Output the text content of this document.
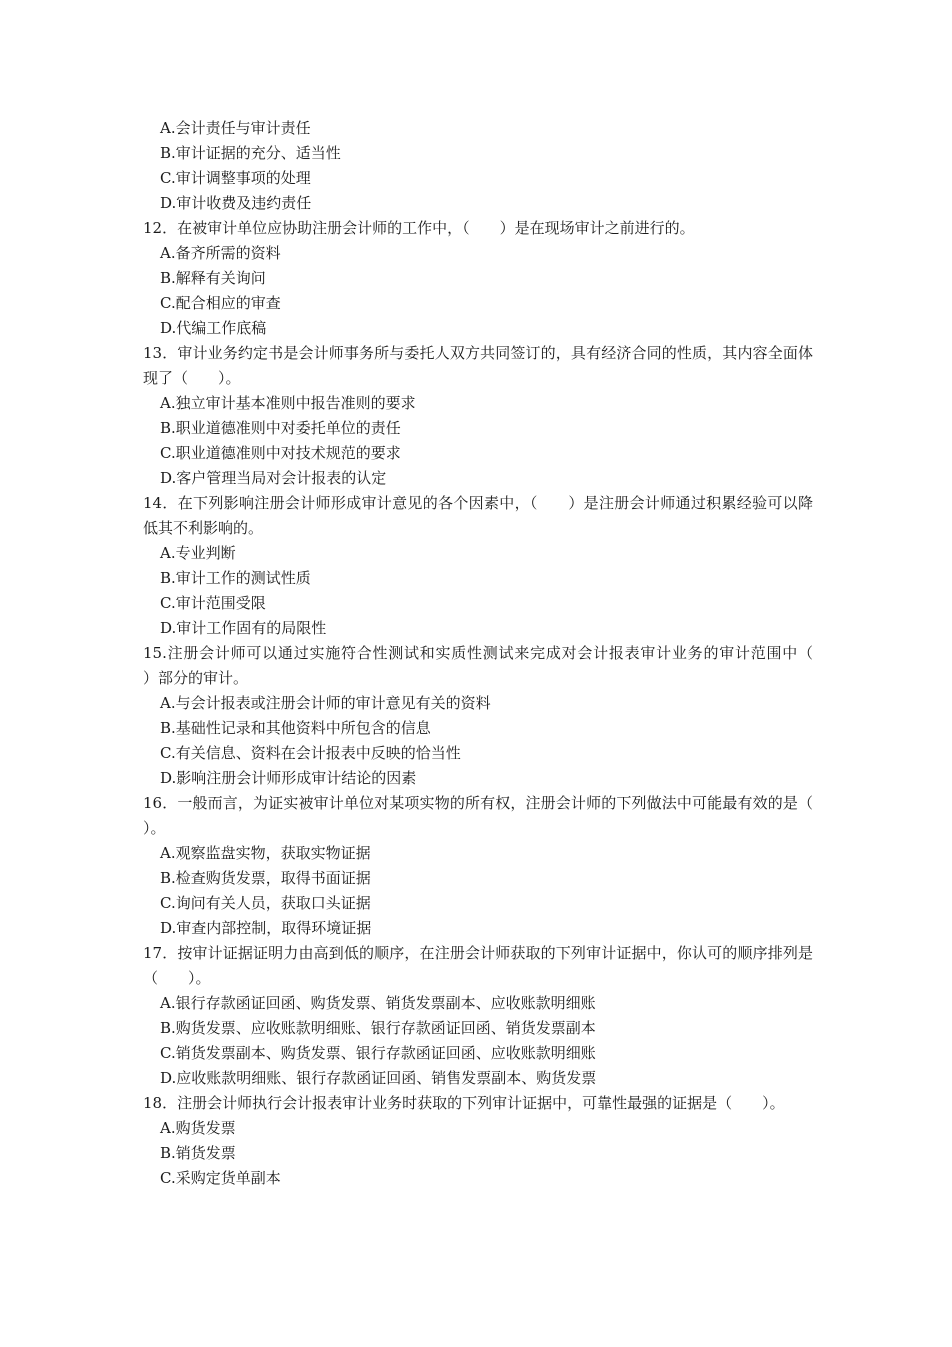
A.会计责任与审计责任
B.审计证据的充分、适当性
C.审计调整事项的处理
D.审计收费及违约责任
12．在被审计单位应协助注册会计师的工作中，（　　）是在现场审计之前进行的。
A.备齐所需的资料
B.解释有关询问
C.配合相应的审查
D.代编工作底稿
13．审计业务约定书是会计师事务所与委托人双方共同签订的，具有经济合同的性质，其内容全面体现了（　　）。
A.独立审计基本准则中报告准则的要求
B.职业道德准则中对委托单位的责任
C.职业道德准则中对技术规范的要求
D.客户管理当局对会计报表的认定
14．在下列影响注册会计师形成审计意见的各个因素中，（　　）是注册会计师通过积累经验可以降低其不利影响的。
A.专业判断
B.审计工作的测试性质
C.审计范围受限
D.审计工作固有的局限性
15.注册会计师可以通过实施符合性测试和实质性测试来完成对会计报表审计业务的审计范围中（　　）部分的审计。
A.与会计报表或注册会计师的审计意见有关的资料
B.基础性记录和其他资料中所包含的信息
C.有关信息、资料在会计报表中反映的恰当性
D.影响注册会计师形成审计结论的因素
16．一般而言，为证实被审计单位对某项实物的所有权，注册会计师的下列做法中可能最有效的是（　　）。
A.观察监盘实物，获取实物证据
B.检查购货发票，取得书面证据
C.询问有关人员，获取口头证据
D.审查内部控制，取得环境证据
17．按审计证据证明力由高到低的顺序，在注册会计师获取的下列审计证据中，你认可的顺序排列是（　　）。
A.银行存款函证回函、购货发票、销货发票副本、应收账款明细账
B.购货发票、应收账款明细账、银行存款函证回函、销货发票副本
C.销货发票副本、购货发票、银行存款函证回函、应收账款明细账
D.应收账款明细账、银行存款函证回函、销售发票副本、购货发票
18．注册会计师执行会计报表审计业务时获取的下列审计证据中，可靠性最强的证据是（　　）。
A.购货发票
B.销货发票
C.采购定货单副本
